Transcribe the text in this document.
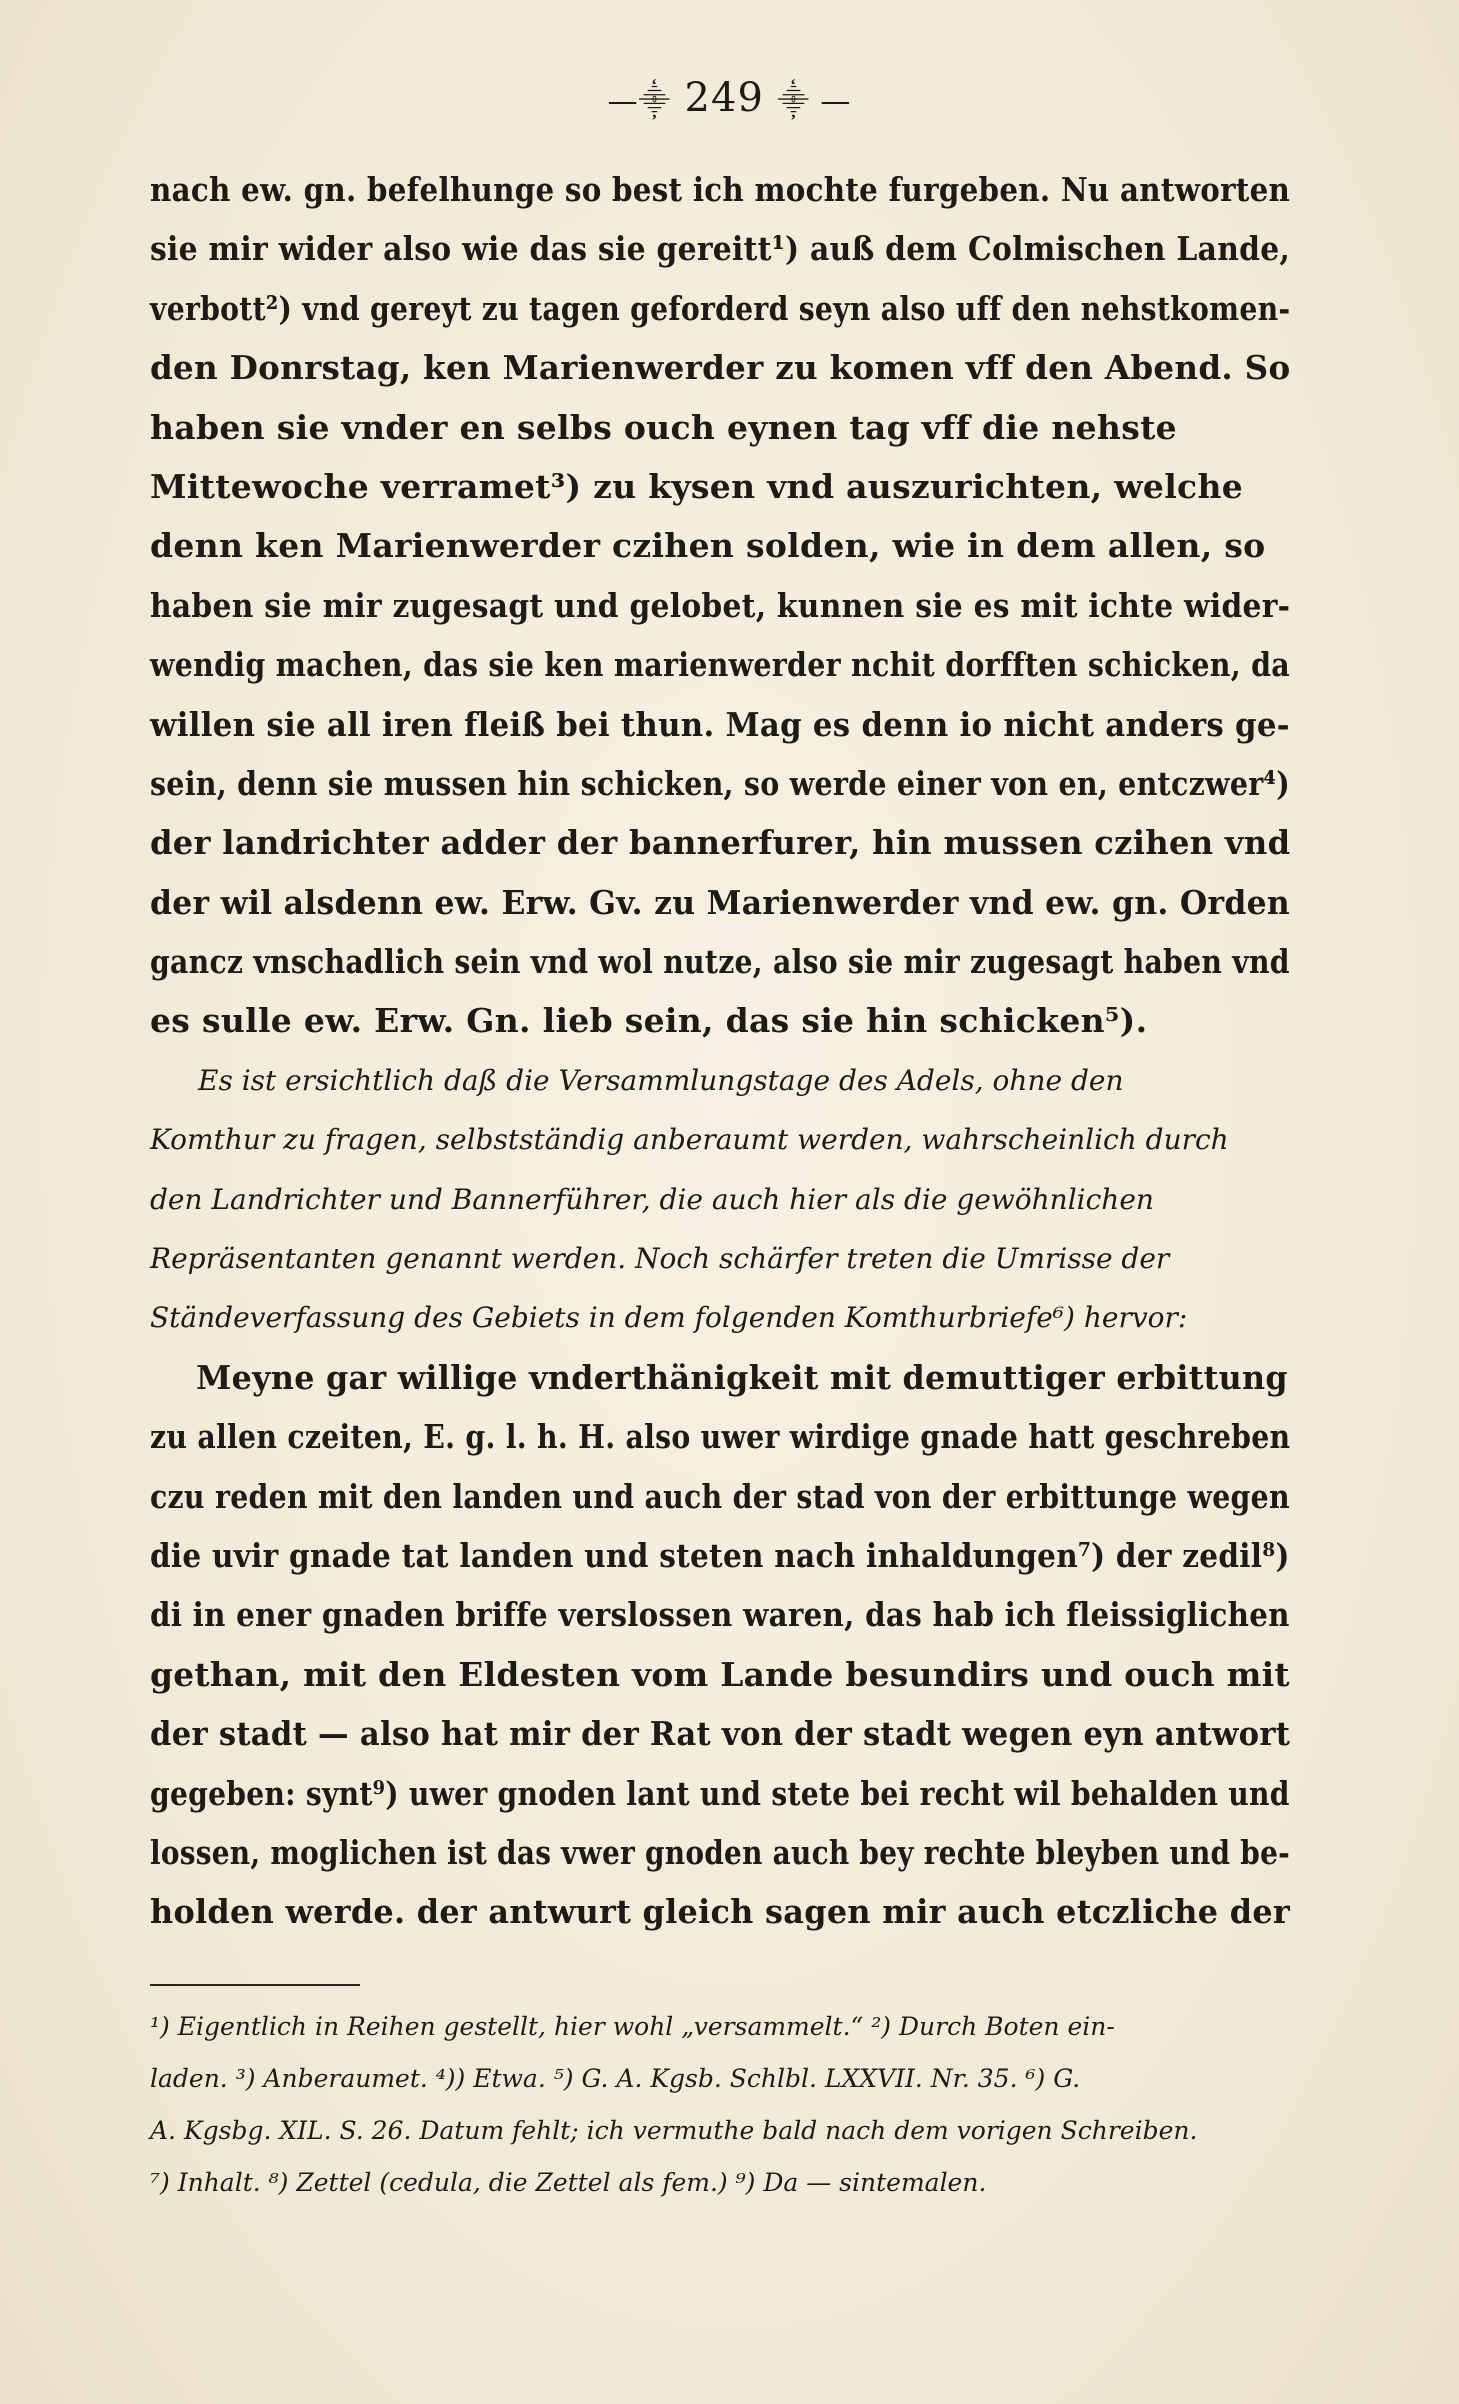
—⸎ 249 ⸎ —
nach ew. gn. befelhunge so best ich mochte furgeben. Nu antworten
sie mir wider also wie das sie gereitt¹) auß dem Colmischen Lande,
verbott²) vnd gereyt zu tagen geforderd seyn also uff den nehstkomen-
den Donrstag, ken Marienwerder zu komen vff den Abend. So
haben sie vnder en selbs ouch eynen tag vff die nehste
Mittewoche verramet³) zu kysen vnd auszurichten, welche
denn ken Marienwerder czihen solden, wie in dem allen, so
haben sie mir zugesagt und gelobet, kunnen sie es mit ichte wider-
wendig machen, das sie ken marienwerder nchit dorfften schicken, da
willen sie all iren fleiß bei thun. Mag es denn io nicht anders ge-
sein, denn sie mussen hin schicken, so werde einer von en, entczwer⁴)
der landrichter adder der bannerfurer, hin mussen czihen vnd
der wil alsdenn ew. Erw. Gv. zu Marienwerder vnd ew. gn. Orden
gancz vnschadlich sein vnd wol nutze, also sie mir zugesagt haben vnd
es sulle ew. Erw. Gn. lieb sein, das sie hin schicken⁵).
Es ist ersichtlich daß die Versammlungstage des Adels, ohne den
Komthur zu fragen, selbstständig anberaumt werden, wahrscheinlich durch
den Landrichter und Bannerführer, die auch hier als die gewöhnlichen
Repräsentanten genannt werden. Noch schärfer treten die Umrisse der
Ständeverfassung des Gebiets in dem folgenden Komthurbriefe⁶) hervor:
Meyne gar willige vnderthänigkeit mit demuttiger erbittung
zu allen czeiten, E. g. l. h. H. also uwer wirdige gnade hatt geschreben
czu reden mit den landen und auch der stad von der erbittunge wegen
die uvir gnade tat landen und steten nach inhaldungen⁷) der zedil⁸)
di in ener gnaden briffe verslossen waren, das hab ich fleissiglichen
gethan, mit den Eldesten vom Lande besundirs und ouch mit
der stadt — also hat mir der Rat von der stadt wegen eyn antwort
gegeben: synt⁹) uwer gnoden lant und stete bei recht wil behalden und
lossen, moglichen ist das vwer gnoden auch bey rechte bleyben und be-
holden werde. der antwurt gleich sagen mir auch etczliche der
¹) Eigentlich in Reihen gestellt, hier wohl „versammelt.“ ²) Durch Boten ein-
laden. ³) Anberaumet. ⁴)) Etwa. ⁵) G. A. Kgsb. Schlbl. LXXVII. Nr. 35. ⁶) G.
A. Kgsbg. XIL. S. 26. Datum fehlt; ich vermuthe bald nach dem vorigen Schreiben.
⁷) Inhalt. ⁸) Zettel (cedula, die Zettel als fem.) ⁹) Da — sintemalen.
